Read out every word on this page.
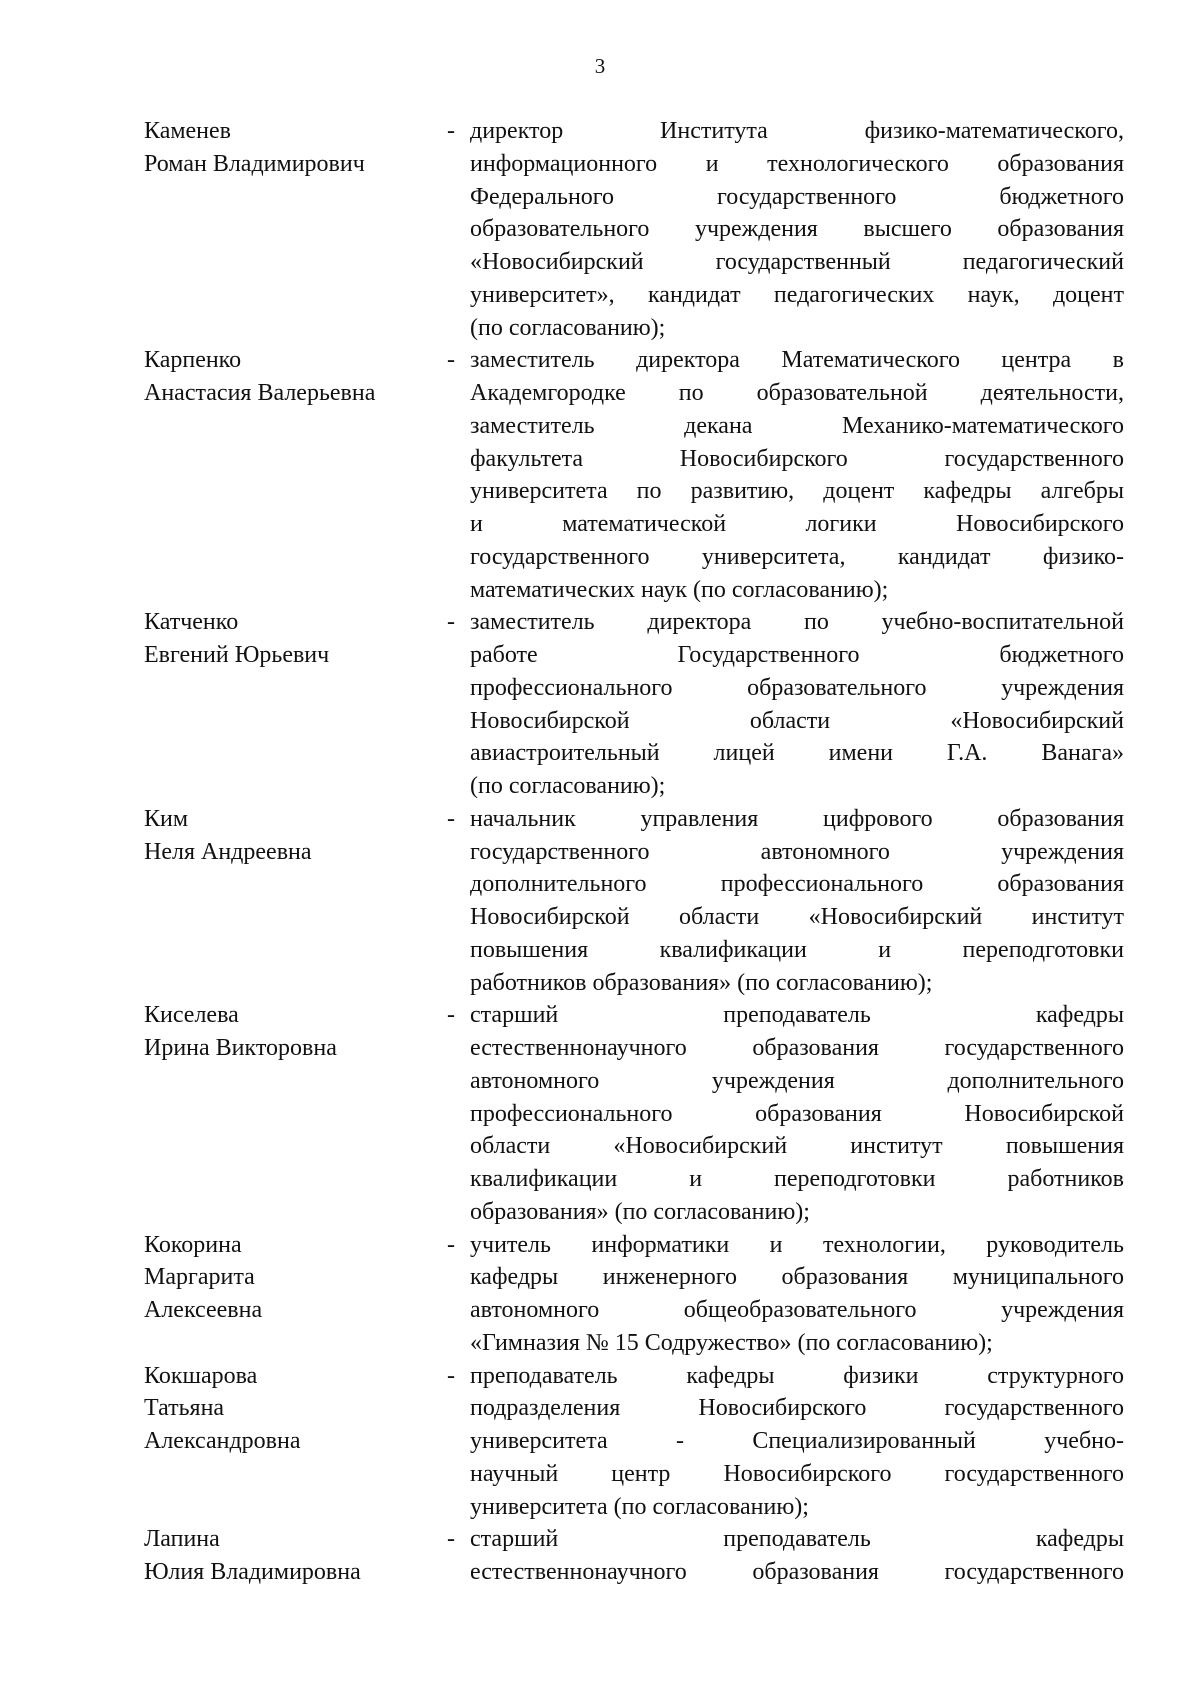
3
Каменев
Роман Владимирович
- директор Института физико-математического,
информационного и технологического образования
Федерального государственного бюджетного
образовательного учреждения высшего образования
«Новосибирский государственный педагогический
университет», кандидат педагогических наук, доцент
(по согласованию);
Карпенко
Анастасия Валерьевна
- заместитель директора Математического центра в
Академгородке по образовательной деятельности,
заместитель декана Механико-математического
факультета Новосибирского государственного
университета по развитию, доцент кафедры алгебры
и математической логики Новосибирского
государственного университета, кандидат физико-
математических наук (по согласованию);
Катченко
Евгений Юрьевич
- заместитель директора по учебно-воспитательной
работе Государственного бюджетного
профессионального образовательного учреждения
Новосибирской области «Новосибирский
авиастроительный лицей имени Г.А. Ванага»
(по согласованию);
Ким
Неля Андреевна
- начальник управления цифрового образования
государственного автономного учреждения
дополнительного профессионального образования
Новосибирской области «Новосибирский институт
повышения квалификации и переподготовки
работников образования» (по согласованию);
Киселева
Ирина Викторовна
- старший преподаватель кафедры
естественнонаучного образования государственного
автономного учреждения дополнительного
профессионального образования Новосибирской
области «Новосибирский институт повышения
квалификации и переподготовки работников
образования» (по согласованию);
Кокорина
Маргарита
Алексеевна
- учитель информатики и технологии, руководитель
кафедры инженерного образования муниципального
автономного общеобразовательного учреждения
«Гимназия № 15 Содружество» (по согласованию);
Кокшарова
Татьяна
Александровна
- преподаватель кафедры физики структурного
подразделения Новосибирского государственного
университета - Специализированный учебно-
научный центр Новосибирского государственного
университета (по согласованию);
Лапина
Юлия Владимировна
- старший преподаватель кафедры
естественнонаучного образования государственного
